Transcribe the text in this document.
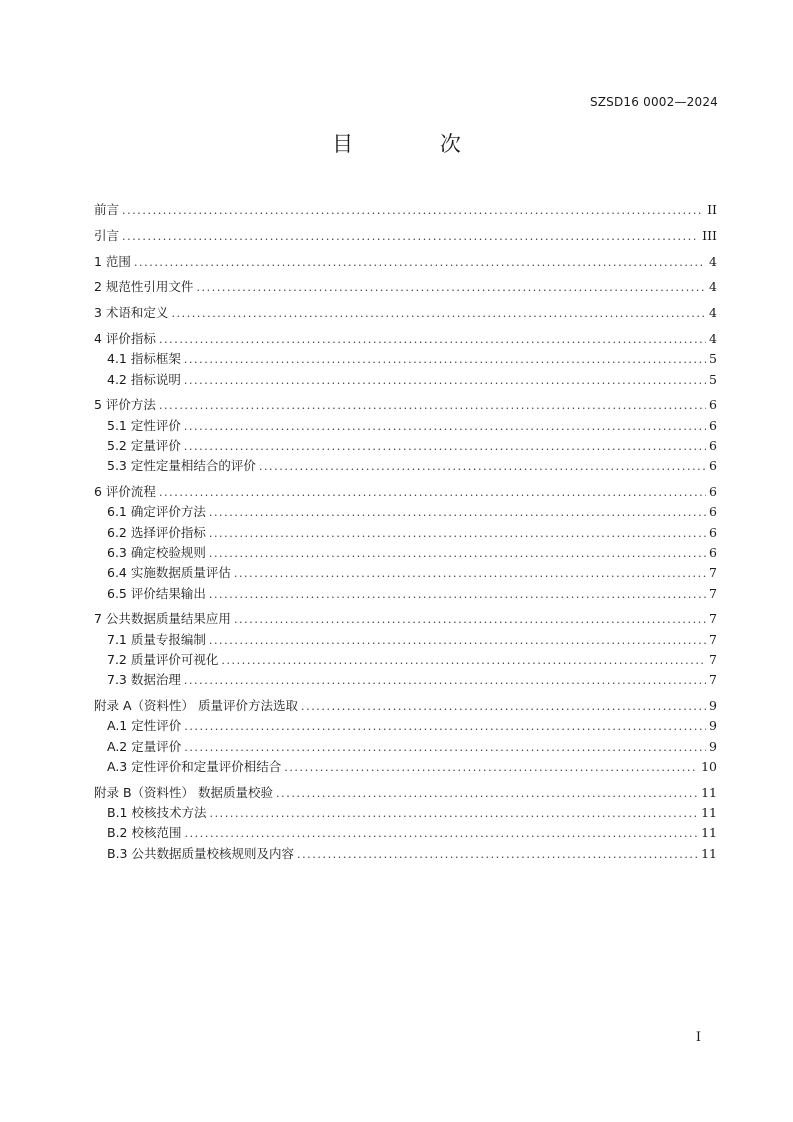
SZSD16 0002—2024
目 次
前言 .....	II
引言 .....	III
1 范围 .....	4
2 规范性引用文件 .....	4
3 术语和定义 .....	4
4 评价指标 .....	4
4.1 指标框架 .....	5
4.2 指标说明 .....	5
5 评价方法 .....	6
5.1 定性评价 .....	6
5.2 定量评价 .....	6
5.3 定性定量相结合的评价 .....	6
6 评价流程 .....	6
6.1 确定评价方法 .....	6
6.2 选择评价指标 .....	6
6.3 确定校验规则 .....	6
6.4 实施数据质量评估 .....	7
6.5 评价结果输出 .....	7
7 公共数据质量结果应用 .....	7
7.1 质量专报编制 .....	7
7.2 质量评价可视化 .....	7
7.3 数据治理 .....	7
附录 A（资料性） 质量评价方法选取 .....	9
A.1 定性评价 .....	9
A.2 定量评价 .....	9
A.3 定性评价和定量评价相结合 .....	10
附录 B（资料性） 数据质量校验 .....	11
B.1 校核技术方法 .....	11
B.2 校核范围 .....	11
B.3 公共数据质量校核规则及内容 .....	11
I
